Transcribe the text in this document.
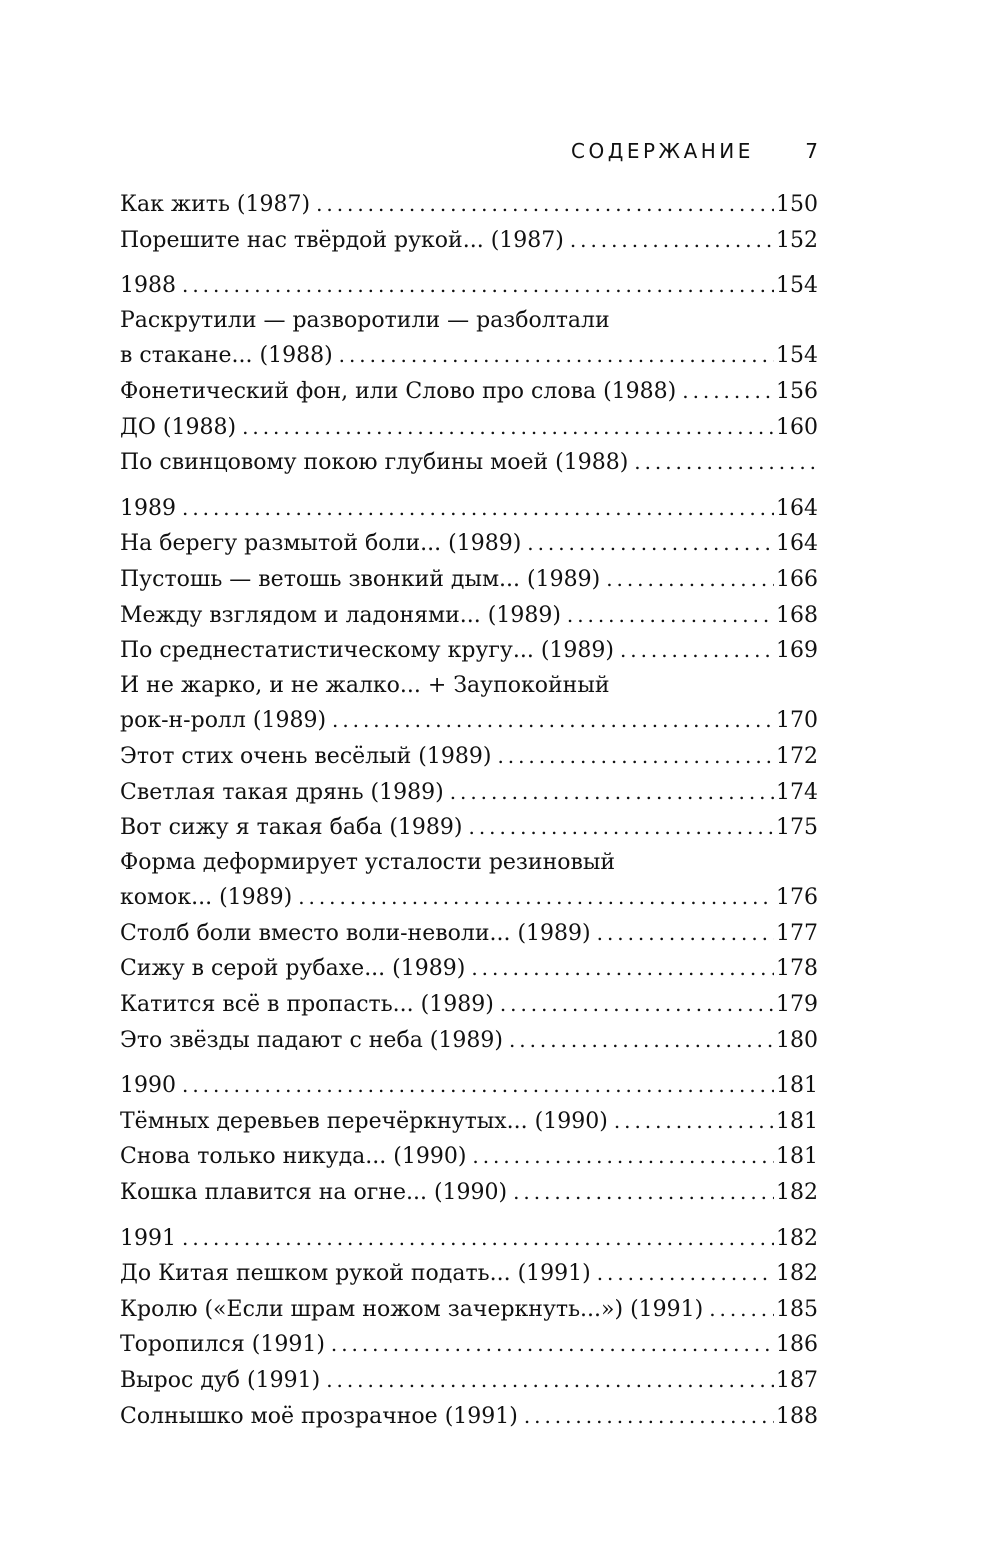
СОДЕРЖАНИЕ	7
Как жить (1987) . . .	150
Порешите нас твёрдой рукой... (1987) . . .	152
1988 . . .	154
Раскрутили — разворотили — разболтали
в стакане... (1988) . . .	154
Фонетический фон, или Слово про слова (1988) . . .	156
ДО (1988) . . .	160
По свинцовому покою глубины моей (1988)
. . .
1989 . . .	164
На берегу размытой боли... (1989) . . .	164
Пустошь — ветошь звонкий дым... (1989) . . .	166
Между взглядом и ладонями... (1989) . . .	168
По среднестатистическому кругу... (1989) . . .	169
И не жарко, и не жалко... + Заупокойный
рок-н-ролл (1989) . . .	170
Этот стих очень весёлый (1989) . . .	172
Светлая такая дрянь (1989) . . .	174
Вот сижу я такая баба (1989) . . .	175
Форма деформирует усталости резиновый
комок... (1989) . . .	176
Столб боли вместо воли-неволи... (1989) . . .	177
Сижу в серой рубахе... (1989) . . .	178
Катится всё в пропасть... (1989) . . .	179
Это звёзды падают с неба (1989) . . .	180
1990 . . .	181
Тёмных деревьев перечёркнутых... (1990) . . .	181
Снова только никуда... (1990) . . .	181
Кошка плавится на огне... (1990) . . .	182
1991 . . .	182
До Китая пешком рукой подать... (1991) . . .	182
Кролю («Если шрам ножом зачеркнуть...») (1991) . . .	185
Торопился (1991) . . .	186
Вырос дуб (1991) . . .	187
Солнышко моё прозрачное (1991) . . .	188
